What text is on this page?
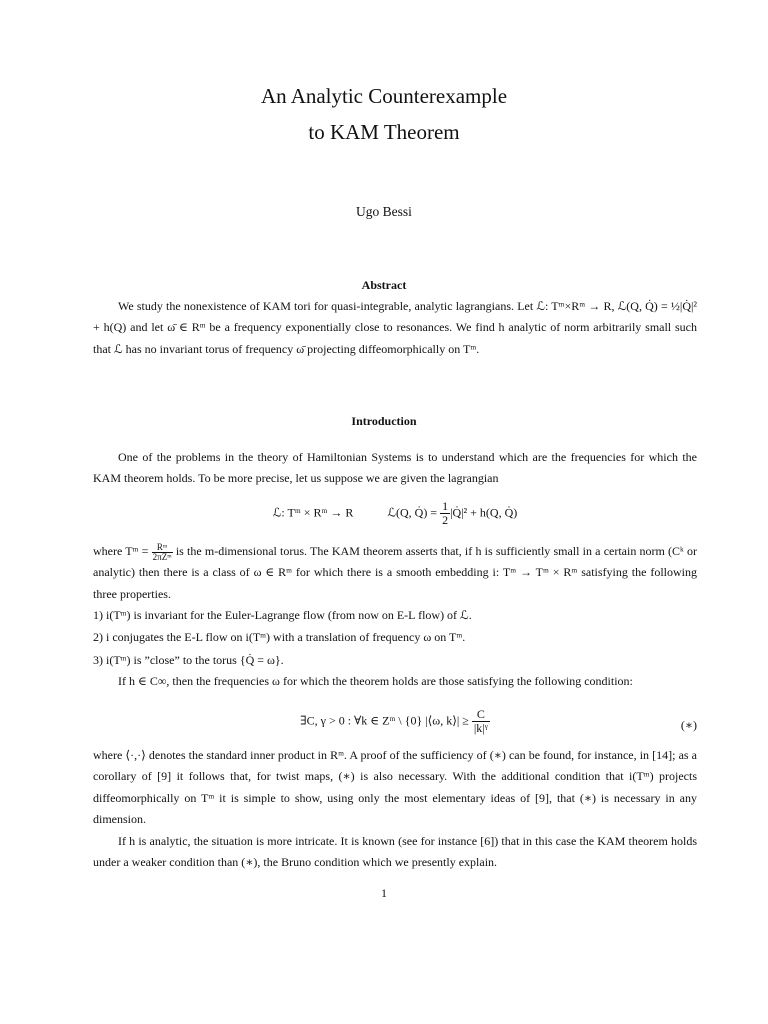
An Analytic Counterexample
to KAM Theorem
Ugo Bessi
Abstract
We study the nonexistence of KAM tori for quasi-integrable, analytic lagrangians. Let ℒ: Tᵐ×Rᵐ → R, ℒ(Q, Q̇) = ½|Q̇|² + h(Q) and let ω̄ ∈ Rᵐ be a frequency exponentially close to resonances. We find h analytic of norm arbitrarily small such that ℒ has no invariant torus of frequency ω̄ projecting diffeomorphically on Tᵐ.
Introduction
One of the problems in the theory of Hamiltonian Systems is to understand which are the frequencies for which the KAM theorem holds. To be more precise, let us suppose we are given the lagrangian
ℒ: Tᵐ × Rᵐ → R	ℒ(Q, Q̇) = $\frac{1}{2}$ |Q̇|² + h(Q, Q̇)
where Tᵐ = $\frac{\text{Rᵐ}}{\text{2πZᵐ}}$ is the m-dimensional torus. The KAM theorem asserts that, if h is sufficiently small in a certain norm (Cᵏ or analytic) then there is a class of ω ∈ Rᵐ for which there is a smooth embedding i: Tᵐ → Tᵐ × Rᵐ satisfying the following three properties.
1) i(Tᵐ) is invariant for the Euler-Lagrange flow (from now on E-L flow) of ℒ.
2) i conjugates the E-L flow on i(Tᵐ) with a translation of frequency ω on Tᵐ.
3) i(Tᵐ) is ”close” to the torus {Q̇ = ω}.
If h ∈ C∞, then the frequencies ω for which the theorem holds are those satisfying the following condition:
∃C, γ > 0 : ∀k ∈ Zᵐ \ {0} |⟨ω, k⟩| ≥ $\frac{C}{\text{|k|ᵞ}}$	(∗)
where ⟨·,·⟩ denotes the standard inner product in Rᵐ. A proof of the sufficiency of (∗) can be found, for instance, in [14]; as a corollary of [9] it follows that, for twist maps, (∗) is also necessary. With the additional condition that i(Tᵐ) projects diffeomorphically on Tᵐ it is simple to show, using only the most elementary ideas of [9], that (∗) is necessary in any dimension.
If h is analytic, the situation is more intricate. It is known (see for instance [6]) that in this case the KAM theorem holds under a weaker condition than (∗), the Bruno condition which we presently explain.
1
